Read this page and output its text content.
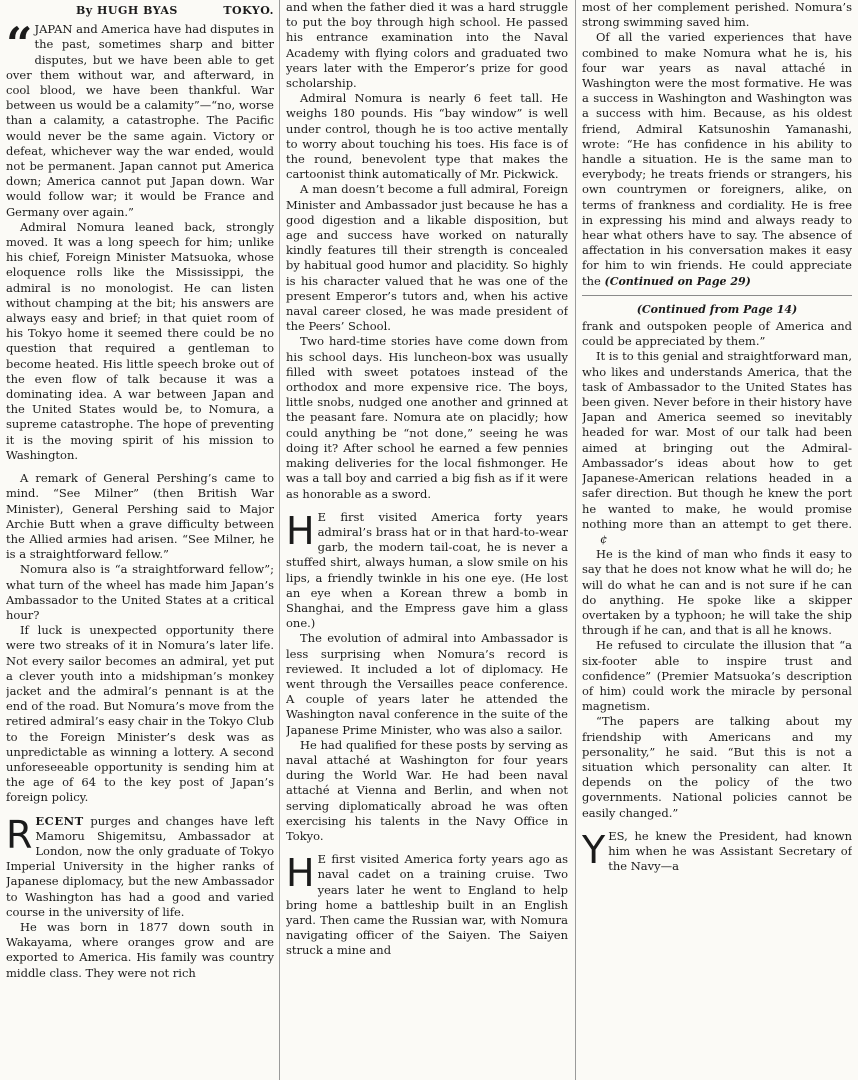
By HUGH BYAS	TOKYO.

“ JAPAN and America have had disputes in the past, sometimes sharp and bitter disputes, but we have been able to get over them without war, and afterward, in cool blood, we have been thankful. War between us would be a calamity”—“no, worse than a calamity, a catastrophe. The Pacific would never be the same again. Victory or defeat, whichever way the war ended, would not be permanent. Japan cannot put America down; America cannot put Japan down. War would follow war; it would be France and Germany over again.”

Admiral Nomura leaned back, strongly moved. It was a long speech for him; unlike his chief, Foreign Minister Matsuoka, whose eloquence rolls like the Mississippi, the admiral is no monologist. He can listen without champing at the bit; his answers are always easy and brief; in that quiet room of his Tokyo home it seemed there could be no question that required a gentleman to become heated. His little speech broke out of the even flow of talk because it was a dominating idea. A war between Japan and the United States would be, to Nomura, a supreme catastrophe. The hope of preventing it is the moving spirit of his mission to Washington.

A remark of General Pershing’s came to mind. “See Milner” (then British War Minister), General Pershing said to Major Archie Butt when a grave difficulty between the Allied armies had arisen. “See Milner, he is a straightforward fellow.”

Nomura also is “a straightforward fellow”; what turn of the wheel has made him Japan’s Ambassador to the United States at a critical hour?

If luck is unexpected opportunity there were two streaks of it in Nomura’s later life. Not every sailor becomes an admiral, yet put a clever youth into a midshipman’s monkey jacket and the admiral’s pennant is at the end of the road. But Nomura’s move from the retired admiral’s easy chair in the Tokyo Club to the Foreign Minister’s desk was as unpredictable as winning a lottery. A second unforeseeable opportunity is sending him at the age of 64 to the key post of Japan’s foreign policy.

RECENT purges and changes have left Mamoru Shigemitsu, Ambassador at London, now the only graduate of Tokyo Imperial University in the higher ranks of Japanese diplomacy, but the new Ambassador to Washington has had a good and varied course in the university of life.

He was born in 1877 down south in Wakayama, where oranges grow and are exported to America. His family was country middle class. They were not rich

and when the father died it was a hard struggle to put the boy through high school. He passed his entrance examination into the Naval Academy with flying colors and graduated two years later with the Emperor’s prize for good scholarship.

Admiral Nomura is nearly 6 feet tall. He weighs 180 pounds. His “bay window” is well under control, though he is too active mentally to worry about touching his toes. His face is of the round, benevolent type that makes the cartoonist think automatically of Mr. Pickwick.

A man doesn’t become a full admiral, Foreign Minister and Ambassador just because he has a good digestion and a likable disposition, but age and success have worked on naturally kindly features till their strength is concealed by habitual good humor and placidity. So highly is his character valued that he was one of the present Emperor’s tutors and, when his active naval career closed, he was made president of the Peers’ School.

Two hard-time stories have come down from his school days. His luncheon-box was usually filled with sweet potatoes instead of the orthodox and more expensive rice. The boys, little snobs, nudged one another and grinned at the peasant fare. Nomura ate on placidly; how could anything be “not done,” seeing he was doing it? After school he earned a few pennies making deliveries for the local fishmonger. He was a tall boy and carried a big fish as if it were as honorable as a sword.

H E first visited America forty years admiral’s brass hat or in that hard-to-wear garb, the modern tail-coat, he is never a stuffed shirt, always human, a slow smile on his lips, a friendly twinkle in his one eye. (He lost an eye when a Korean threw a bomb in Shanghai, and the Empress gave him a glass one.)

The evolution of admiral into Ambassador is less surprising when Nomura’s record is reviewed. It included a lot of diplomacy. He went through the Versailles peace conference. A couple of years later he attended the Washington naval conference in the suite of the Japanese Prime Minister, who was also a sailor.

He had qualified for these posts by serving as naval attaché at Washington for four years during the World War. He had been naval attaché at Vienna and Berlin, and when not serving diplomatically abroad he was often exercising his talents in the Navy Office in Tokyo.

H E first visited America forty years ago as naval cadet on a training cruise. Two years later he went to England to help bring home a battleship built in an English yard. Then came the Russian war, with Nomura navigating officer of the Saiyen. The Saiyen struck a mine and

most of her complement perished. Nomura’s strong swimming saved him.

Of all the varied experiences that have combined to make Nomura what he is, his four war years as naval attaché in Washington were the most formative. He was a success in Washington and Washington was a success with him. Because, as his oldest friend, Admiral Katsunoshin Yamanashi, wrote: “He has confidence in his ability to handle a situation. He is the same man to everybody; he treats friends or strangers, his own countrymen or foreigners, alike, on terms of frankness and cordiality. He is free in expressing his mind and always ready to hear what others have to say. The absence of affectation in his conversation makes it easy for him to win friends. He could appreciate the (Continued on Page 29)

(Continued from Page 14)

frank and outspoken people of America and could be appreciated by them.”

It is to this genial and straightforward man, who likes and understands America, that the task of Ambassador to the United States has been given. Never before in their history have Japan and America seemed so inevitably headed for war. Most of our talk had been aimed at bringing out the Admiral-Ambassador’s ideas about how to get Japanese-American relations headed in a safer direction. But though he knew the port he wanted to make, he would promise nothing more than an attempt to get there.¢

He is the kind of man who finds it easy to say that he does not know what he will do; he will do what he can and is not sure if he can do anything. He spoke like a skipper overtaken by a typhoon; he will take the ship through if he can, and that is all he knows.

He refused to circulate the illusion that “a six-footer able to inspire trust and confidence” (Premier Matsuoka’s description of him) could work the miracle by personal magnetism.

“The papers are talking about my friendship with Americans and my personality,” he said. “But this is not a situation which personality can alter. It depends on the policy of the two governments. National policies cannot be easily changed.”

YES, he knew the President, had known him when he was Assistant Secretary of the Navy—a
